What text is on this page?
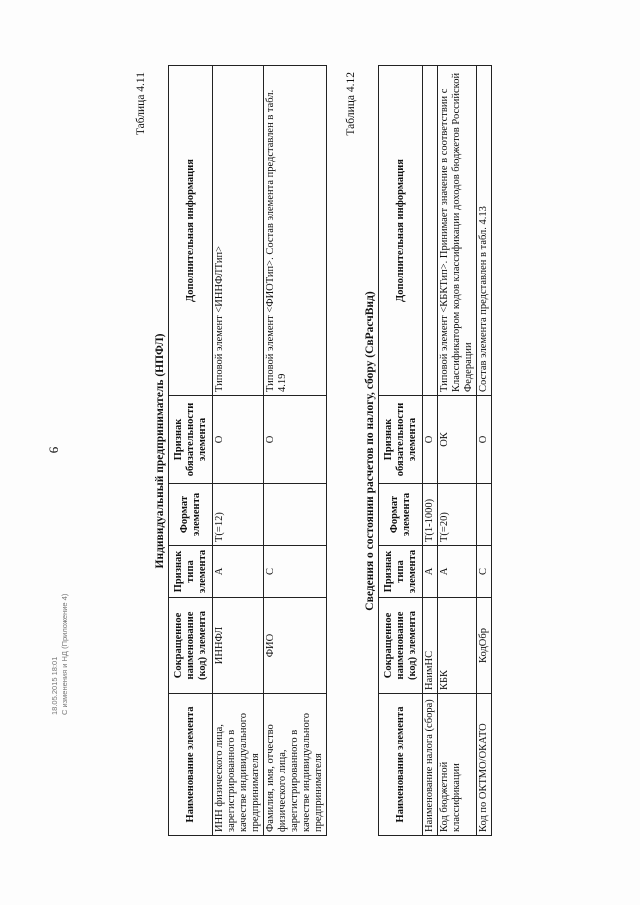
9
18.05.2015 18:01 С изменения и НД (Приложение 4)
Таблица 4.11
Индивидуальный предприниматель (НПФЛ)
Наименование элемента	Сокращенное наименование (код) элемента	Признак типа элемента	Формат элемента	Признак обязательности элемента	Дополнительная информация
ИНН физического лица, зарегистрированного в качестве индивидуального предпринимателя	ИННФЛ	А	T(=12)	О	Типовой элемент <ИННФЛТип>
Фамилия, имя, отчество физического лица, зарегистрированного в качестве индивидуального предпринимателя	ФИО	С		О	Типовой элемент <ФИОТип>. Состав элемента представлен в табл. 4.19
Таблица 4.12
Сведения о состоянии расчетов по налогу, сбору (СвРасчВид)
Наименование элемента	Сокращенное наименование (код) элемента	Признак типа элемента	Формат элемента	Признак обязательности элемента	Дополнительная информация
Наименование налога (сбора)	НаимНС	А	T(1-1000)	О	
Код бюджетной классификации	КБК	А	T(=20)	ОК	Типовой элемент <КБКТип>. Принимает значение в соответствии с Классификатором кодов классификации доходов бюджетов Российской Федерации
Код по ОКТМО/ОКАТО	КодОбр	С		О	Состав элемента представлен в табл. 4.13
